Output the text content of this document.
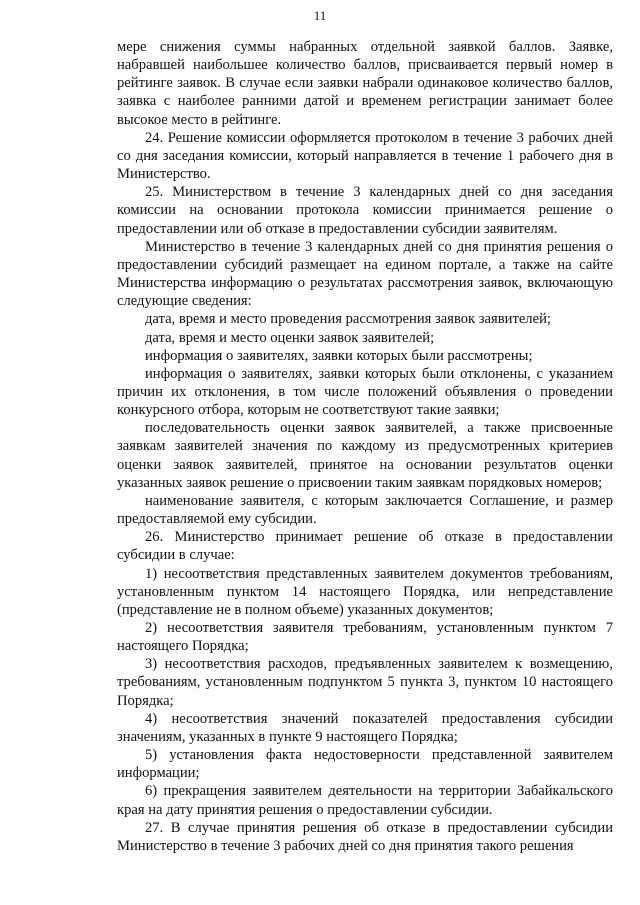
11

мере снижения суммы набранных отдельной заявкой баллов. Заявке, набравшей наибольшее количество баллов, присваивается первый номер в рейтинге заявок. В случае если заявки набрали одинаковое количество баллов, заявка с наиболее ранними датой и временем регистрации занимает более высокое место в рейтинге.

24. Решение комиссии оформляется протоколом в течение 3 рабочих дней со дня заседания комиссии, который направляется в течение 1 рабочего дня в Министерство.

25. Министерством в течение 3 календарных дней со дня заседания комиссии на основании протокола комиссии принимается решение о предоставлении или об отказе в предоставлении субсидии заявителям.

Министерство в течение 3 календарных дней со дня принятия решения о предоставлении субсидий размещает на едином портале, а также на сайте Министерства информацию о результатах рассмотрения заявок, включающую следующие сведения:

дата, время и место проведения рассмотрения заявок заявителей;

дата, время и место оценки заявок заявителей;

информация о заявителях, заявки которых были рассмотрены;

информация о заявителях, заявки которых были отклонены, с указанием причин их отклонения, в том числе положений объявления о проведении конкурсного отбора, которым не соответствуют такие заявки;

последовательность оценки заявок заявителей, а также присвоенные заявкам заявителей значения по каждому из предусмотренных критериев оценки заявок заявителей, принятое на основании результатов оценки указанных заявок решение о присвоении таким заявкам порядковых номеров;

наименование заявителя, с которым заключается Соглашение, и размер предоставляемой ему субсидии.

26. Министерство принимает решение об отказе в предоставлении субсидии в случае:

1) несоответствия представленных заявителем документов требованиям, установленным пунктом 14 настоящего Порядка, или непредставление (представление не в полном объеме) указанных документов;

2) несоответствия заявителя требованиям, установленным пунктом 7 настоящего Порядка;

3) несоответствия расходов, предъявленных заявителем к возмещению, требованиям, установленным подпунктом 5 пункта 3, пунктом 10 настоящего Порядка;

4) несоответствия значений показателей предоставления субсидии значениям, указанных в пункте 9 настоящего Порядка;

5) установления факта недостоверности представленной заявителем информации;

6) прекращения заявителем деятельности на территории Забайкальского края на дату принятия решения о предоставлении субсидии.

27. В случае принятия решения об отказе в предоставлении субсидии Министерство в течение 3 рабочих дней со дня принятия такого решения
